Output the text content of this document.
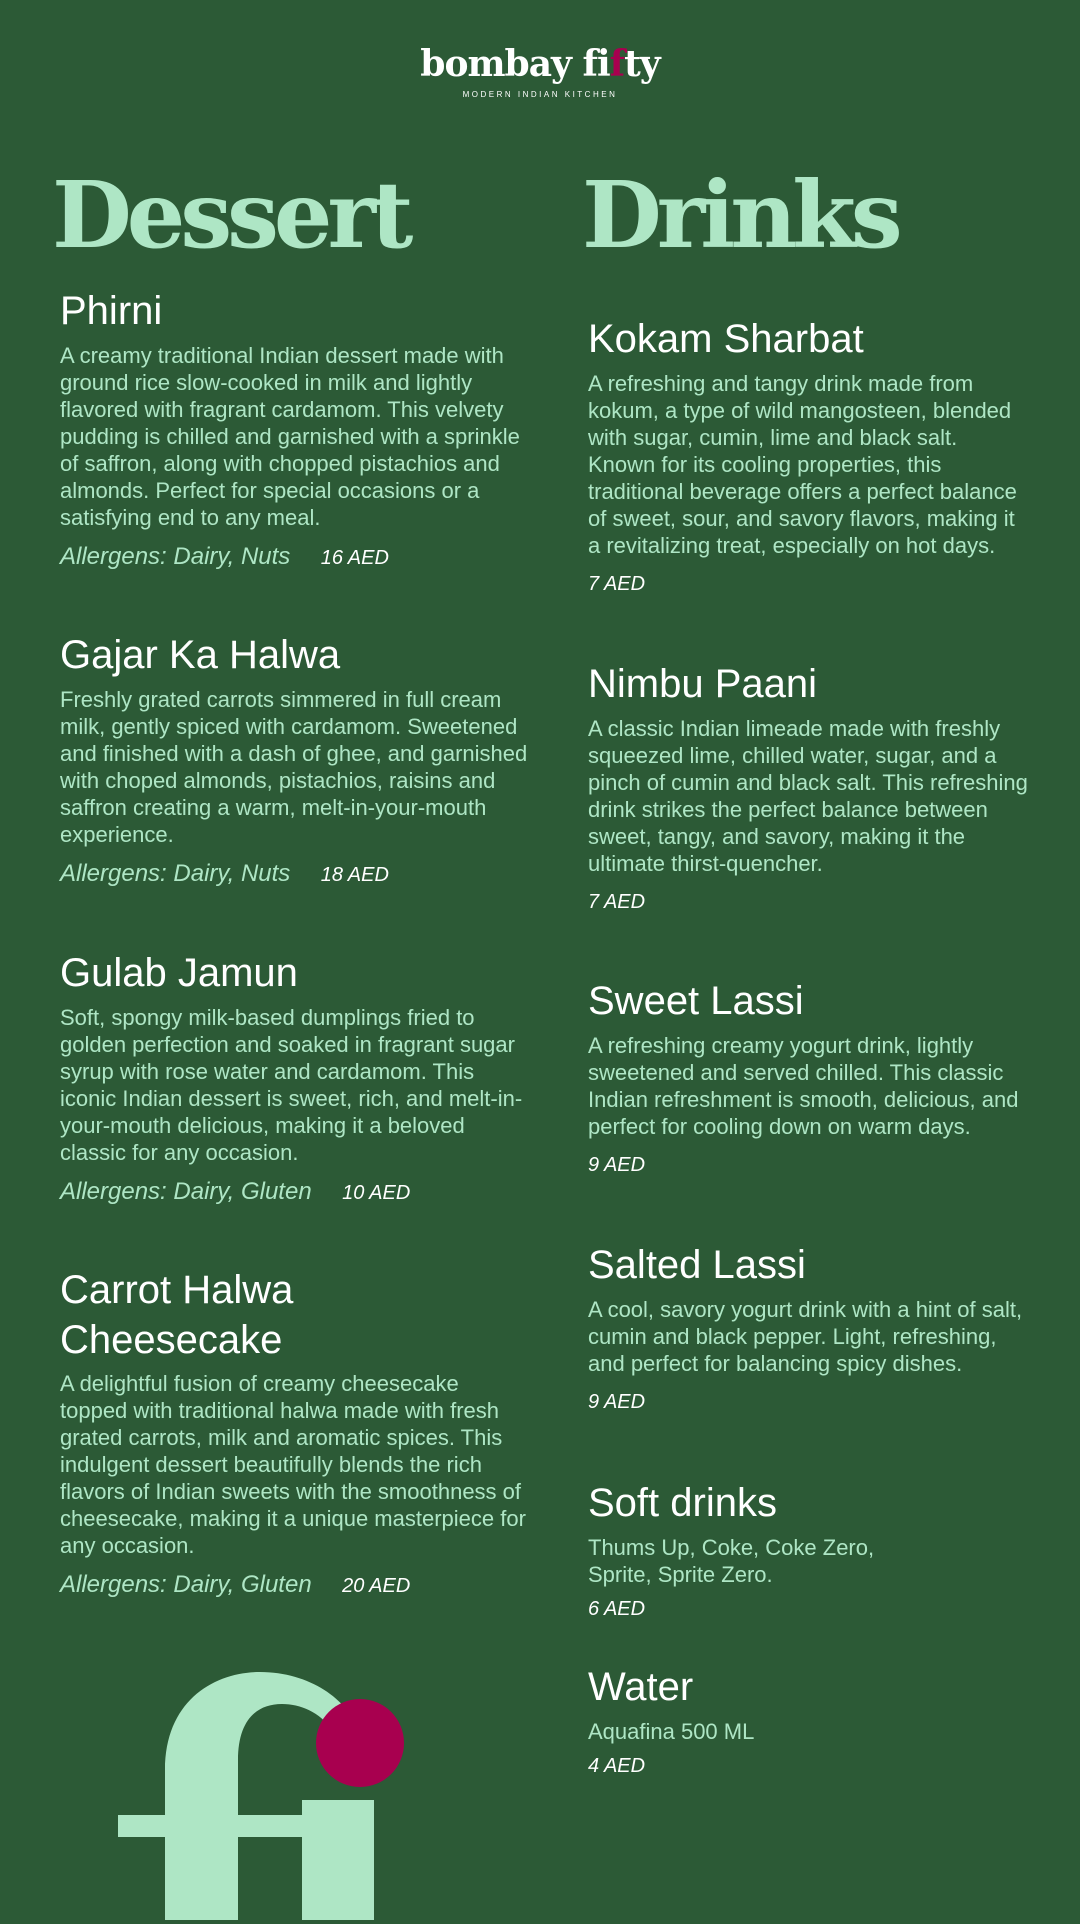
bombay fifty
MODERN INDIAN KITCHEN
Dessert Drinks
Phirni

A creamy traditional Indian dessert made with ground rice slow-cooked in milk and lightly flavored with fragrant cardamom. This velvety pudding is chilled and garnished with a sprinkle of saffron, along with chopped pistachios and almonds. Perfect for special occasions or a satisfying end to any meal.

Allergens: Dairy, Nuts 16 AED
Gajar Ka Halwa

Freshly grated carrots simmered in full cream milk, gently spiced with cardamom. Sweetened and finished with a dash of ghee, and garnished with choped almonds, pistachios, raisins and saffron creating a warm, melt-in-your-mouth experience.

Allergens: Dairy, Nuts 18 AED
Gulab Jamun

Soft, spongy milk-based dumplings fried to golden perfection and soaked in fragrant sugar syrup with rose water and cardamom. This iconic Indian dessert is sweet, rich, and melt-in-your-mouth delicious, making it a beloved classic for any occasion.

Allergens: Dairy, Gluten 10 AED
Carrot Halwa Cheesecake

A delightful fusion of creamy cheesecake topped with traditional halwa made with fresh grated carrots, milk and aromatic spices. This indulgent dessert beautifully blends the rich flavors of Indian sweets with the smoothness of cheesecake, making it a unique masterpiece for any occasion.

Allergens: Dairy, Gluten 20 AED
Kokam Sharbat

A refreshing and tangy drink made from kokum, a type of wild mangosteen, blended with sugar, cumin, lime and black salt. Known for its cooling properties, this traditional beverage offers a perfect balance of sweet, sour, and savory flavors, making it a revitalizing treat, especially on hot days.

7 AED
Nimbu Paani

A classic Indian limeade made with freshly squeezed lime, chilled water, sugar, and a pinch of cumin and black salt. This refreshing drink strikes the perfect balance between sweet, tangy, and savory, making it the ultimate thirst-quencher.

7 AED
Sweet Lassi

A refreshing creamy yogurt drink, lightly sweetened and served chilled. This classic Indian refreshment is smooth, delicious, and perfect for cooling down on warm days.

9 AED
Salted Lassi

A cool, savory yogurt drink with a hint of salt, cumin and black pepper. Light, refreshing, and perfect for balancing spicy dishes.

9 AED
Soft drinks

Thums Up, Coke, Coke Zero, Sprite, Sprite Zero.

6 AED
Water

Aquafina 500 ML

4 AED
